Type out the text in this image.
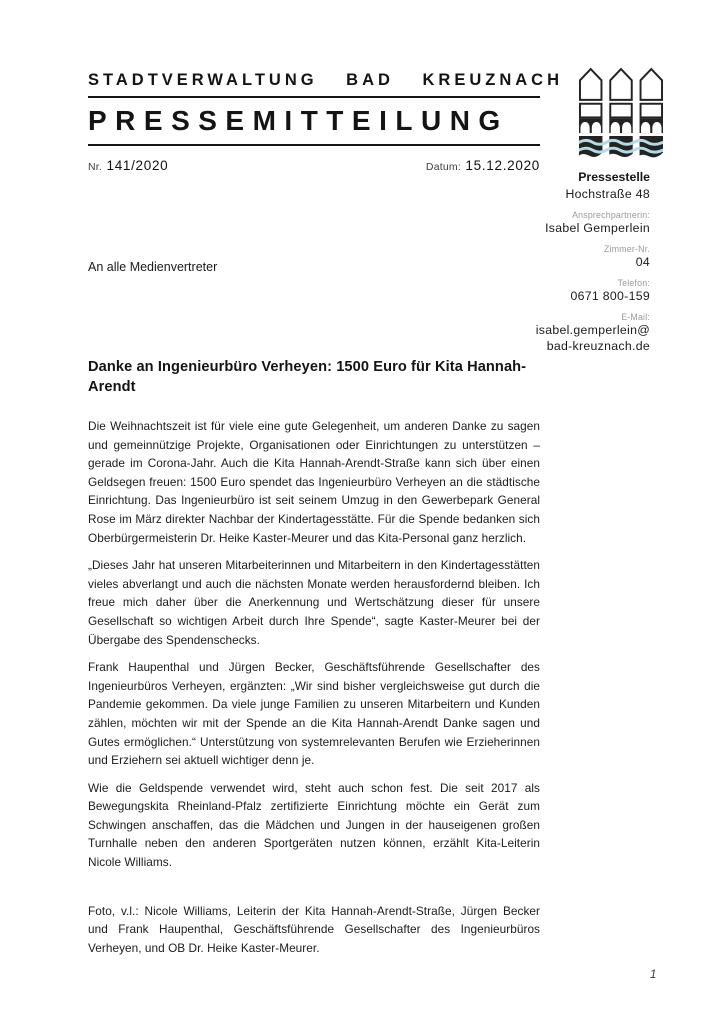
STADTVERWALTUNG BAD KREUZNACH
PRESSEMITTEILUNG
Nr. 141/2020	Datum: 15.12.2020
Pressestelle
Hochstraße 48
Ansprechpartnerin:
Isabel Gemperlein
Zimmer-Nr.
04
Telefon:
0671 800-159
E-Mail:
isabel.gemperlein@
bad-kreuznach.de
An alle Medienvertreter
Danke an Ingenieurbüro Verheyen: 1500 Euro für Kita Hannah-Arendt

Die Weihnachtszeit ist für viele eine gute Gelegenheit, um anderen Danke zu sagen und gemeinnützige Projekte, Organisationen oder Einrichtungen zu unterstützen – gerade im Corona-Jahr. Auch die Kita Hannah-Arendt-Straße kann sich über einen Geldsegen freuen: 1500 Euro spendet das Ingenieurbüro Verheyen an die städtische Einrichtung. Das Ingenieurbüro ist seit seinem Umzug in den Gewerbepark General Rose im März direkter Nachbar der Kindertagesstätte. Für die Spende bedanken sich Oberbürgermeisterin Dr. Heike Kaster-Meurer und das Kita-Personal ganz herzlich.

„Dieses Jahr hat unseren Mitarbeiterinnen und Mitarbeitern in den Kindertagesstätten vieles abverlangt und auch die nächsten Monate werden herausfordernd bleiben. Ich freue mich daher über die Anerkennung und Wertschätzung dieser für unsere Gesellschaft so wichtigen Arbeit durch Ihre Spende“, sagte Kaster-Meurer bei der Übergabe des Spendenschecks.

Frank Haupenthal und Jürgen Becker, Geschäftsführende Gesellschafter des Ingenieurbüros Verheyen, ergänzten: „Wir sind bisher vergleichsweise gut durch die Pandemie gekommen. Da viele junge Familien zu unseren Mitarbeitern und Kunden zählen, möchten wir mit der Spende an die Kita Hannah-Arendt Danke sagen und Gutes ermöglichen.“ Unterstützung von systemrelevanten Berufen wie Erzieherinnen und Erziehern sei aktuell wichtiger denn je.

Wie die Geldspende verwendet wird, steht auch schon fest. Die seit 2017 als Bewegungskita Rheinland-Pfalz zertifizierte Einrichtung möchte ein Gerät zum Schwingen anschaffen, das die Mädchen und Jungen in der hauseigenen großen Turnhalle neben den anderen Sportgeräten nutzen können, erzählt Kita-Leiterin Nicole Williams.

Foto, v.l.: Nicole Williams, Leiterin der Kita Hannah-Arendt-Straße, Jürgen Becker und Frank Haupenthal, Geschäftsführende Gesellschafter des Ingenieurbüros Verheyen, und OB Dr. Heike Kaster-Meurer.

1
